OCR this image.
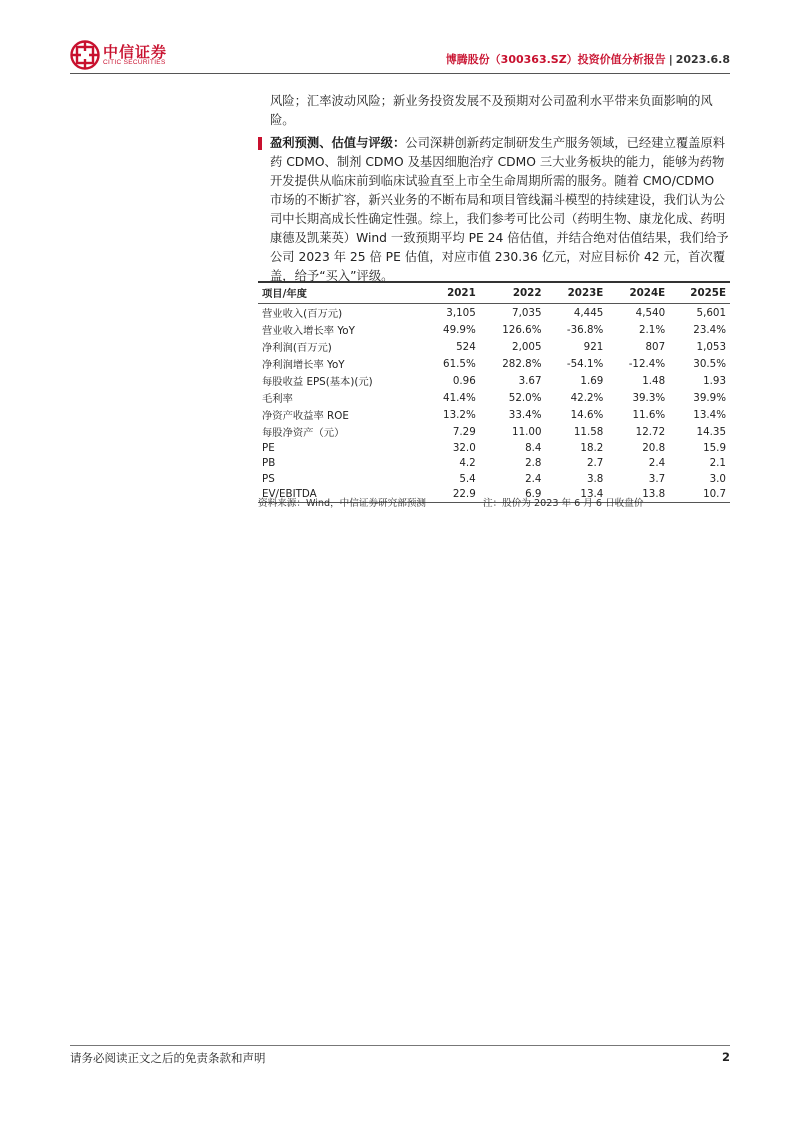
中信证券
CITIC SECURITIES	博腾股份（300363.SZ）投资价值分析报告 | 2023.6.8
风险；汇率波动风险；新业务投资发展不及预期对公司盈利水平带来负面影响的风险。
盈利预测、估值与评级：公司深耕创新药定制研发生产服务领域，已经建立覆盖原料药 CDMO、制剂 CDMO 及基因细胞治疗 CDMO 三大业务板块的能力，能够为药物开发提供从临床前到临床试验直至上市全生命周期所需的服务。随着 CMO/CDMO 市场的不断扩容，新兴业务的不断布局和项目管线漏斗模型的持续建设，我们认为公司中长期高成长性确定性强。综上，我们参考可比公司（药明生物、康龙化成、药明康德及凯莱英）Wind 一致预期平均 PE 24 倍估值，并结合绝对估值结果，我们给予公司 2023 年 25 倍 PE 估值，对应市值 230.36 亿元，对应目标价 42 元，首次覆盖，给予“买入”评级。
项目/年度	2021	2022	2023E	2024E	2025E
营业收入(百万元)	3,105	7,035	4,445	4,540	5,601
营业收入增长率 YoY	49.9%	126.6%	-36.8%	2.1%	23.4%
净利润(百万元)	524	2,005	921	807	1,053
净利润增长率 YoY	61.5%	282.8%	-54.1%	-12.4%	30.5%
每股收益 EPS(基本)(元)	0.96	3.67	1.69	1.48	1.93
毛利率	41.4%	52.0%	42.2%	39.3%	39.9%
净资产收益率 ROE	13.2%	33.4%	14.6%	11.6%	13.4%
每股净资产（元）	7.29	11.00	11.58	12.72	14.35
PE	32.0	8.4	18.2	20.8	15.9
PB	4.2	2.8	2.7	2.4	2.1
PS	5.4	2.4	3.8	3.7	3.0
EV/EBITDA	22.9	6.9	13.4	13.8	10.7
资料来源：Wind，中信证券研究部预测	注：股价为 2023 年 6 月 6 日收盘价
请务必阅读正文之后的免责条款和声明	2
